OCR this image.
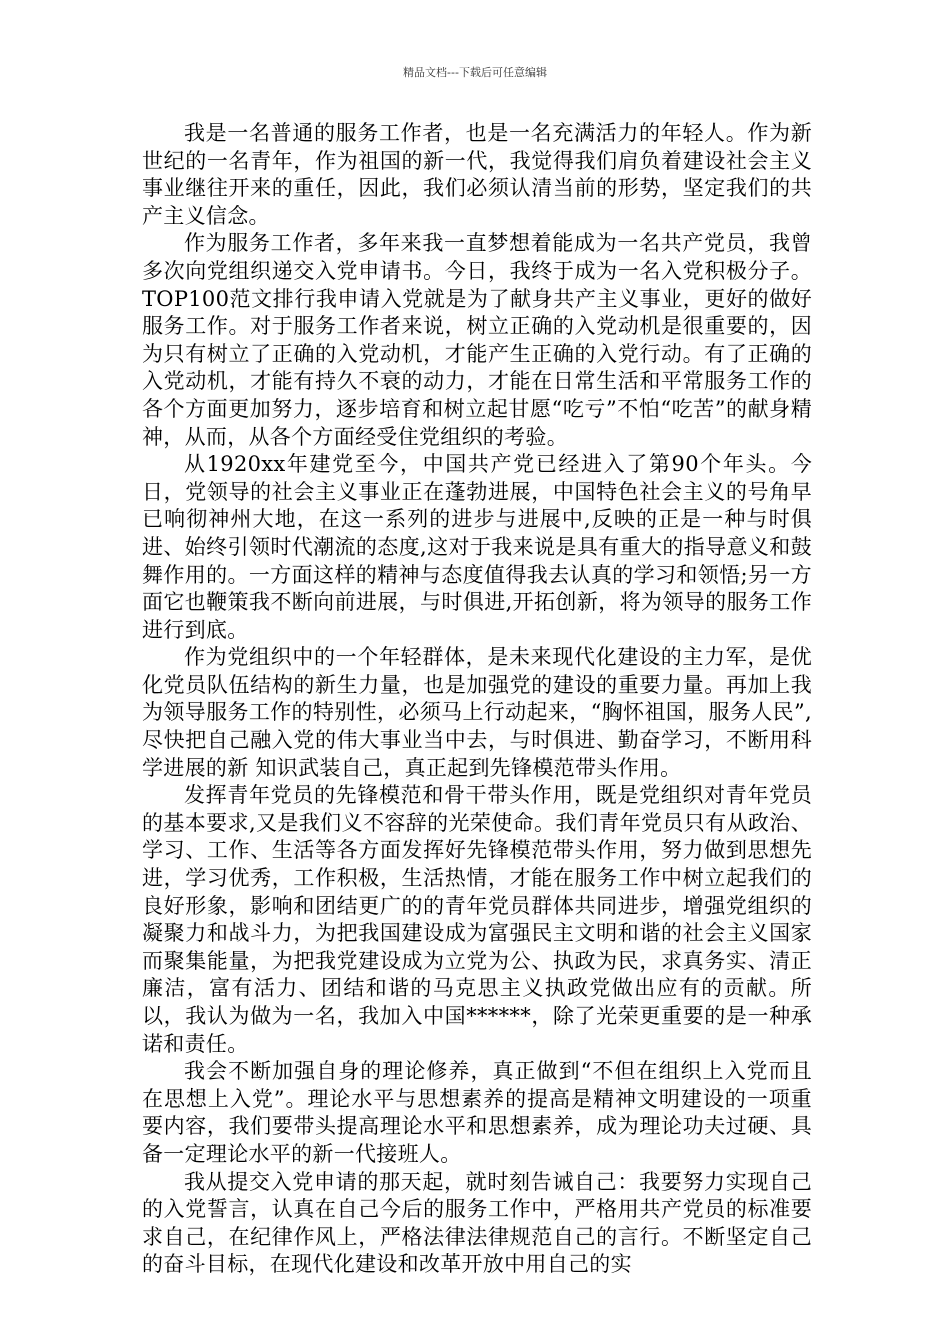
精品文档---下载后可任意编辑

我是一名普通的服务工作者，也是一名充满活力的年轻人。作为新世纪的一名青年，作为祖国的新一代，我觉得我们肩负着建设社会主义事业继往开来的重任，因此，我们必须认清当前的形势，坚定我们的共产主义信念。

作为服务工作者，多年来我一直梦想着能成为一名共产党员，我曾多次向党组织递交入党申请书。今日，我终于成为一名入党积极分子。TOP100范文排行我申请入党就是为了献身共产主义事业，更好的做好服务工作。对于服务工作者来说，树立正确的入党动机是很重要的，因为只有树立了正确的入党动机，才能产生正确的入党行动。有了正确的入党动机，才能有持久不衰的动力，才能在日常生活和平常服务工作的各个方面更加努力，逐步培育和树立起甘愿“吃亏”不怕“吃苦”的献身精神，从而，从各个方面经受住党组织的考验。

从1920xx年建党至今，中国共产党已经进入了第90个年头。今日，党领导的社会主义事业正在蓬勃进展，中国特色社会主义的号角早已响彻神州大地，在这一系列的进步与进展中,反映的正是一种与时俱进、始终引领时代潮流的态度,这对于我来说是具有重大的指导意义和鼓舞作用的。一方面这样的精神与态度值得我去认真的学习和领悟;另一方面它也鞭策我不断向前进展，与时俱进,开拓创新，将为领导的服务工作进行到底。

作为党组织中的一个年轻群体，是未来现代化建设的主力军，是优化党员队伍结构的新生力量，也是加强党的建设的重要力量。再加上我为领导服务工作的特别性，必须马上行动起来，“胸怀祖国，服务人民”,尽快把自己融入党的伟大事业当中去，与时俱进、勤奋学习，不断用科学进展的新 知识武装自己，真正起到先锋模范带头作用。

发挥青年党员的先锋模范和骨干带头作用，既是党组织对青年党员的基本要求,又是我们义不容辞的光荣使命。我们青年党员只有从政治、学习、工作、生活等各方面发挥好先锋模范带头作用，努力做到思想先进，学习优秀，工作积极，生活热情，才能在服务工作中树立起我们的良好形象，影响和团结更广的的青年党员群体共同进步，增强党组织的凝聚力和战斗力，为把我国建设成为富强民主文明和谐的社会主义国家而聚集能量，为把我党建设成为立党为公、执政为民，求真务实、清正廉洁，富有活力、团结和谐的马克思主义执政党做出应有的贡献。所以，我认为做为一名，我加入中国******，除了光荣更重要的是一种承诺和责任。

我会不断加强自身的理论修养，真正做到“不但在组织上入党而且在思想上入党”。理论水平与思想素养的提高是精神文明建设的一项重要内容，我们要带头提高理论水平和思想素养，成为理论功夫过硬、具备一定理论水平的新一代接班人。

我从提交入党申请的那天起，就时刻告诫自己：我要努力实现自己的入党誓言，认真在自己今后的服务工作中，严格用共产党员的标准要求自己，在纪律作风上，严格法律法律规范自己的言行。不断坚定自己的奋斗目标，在现代化建设和改革开放中用自己的实
